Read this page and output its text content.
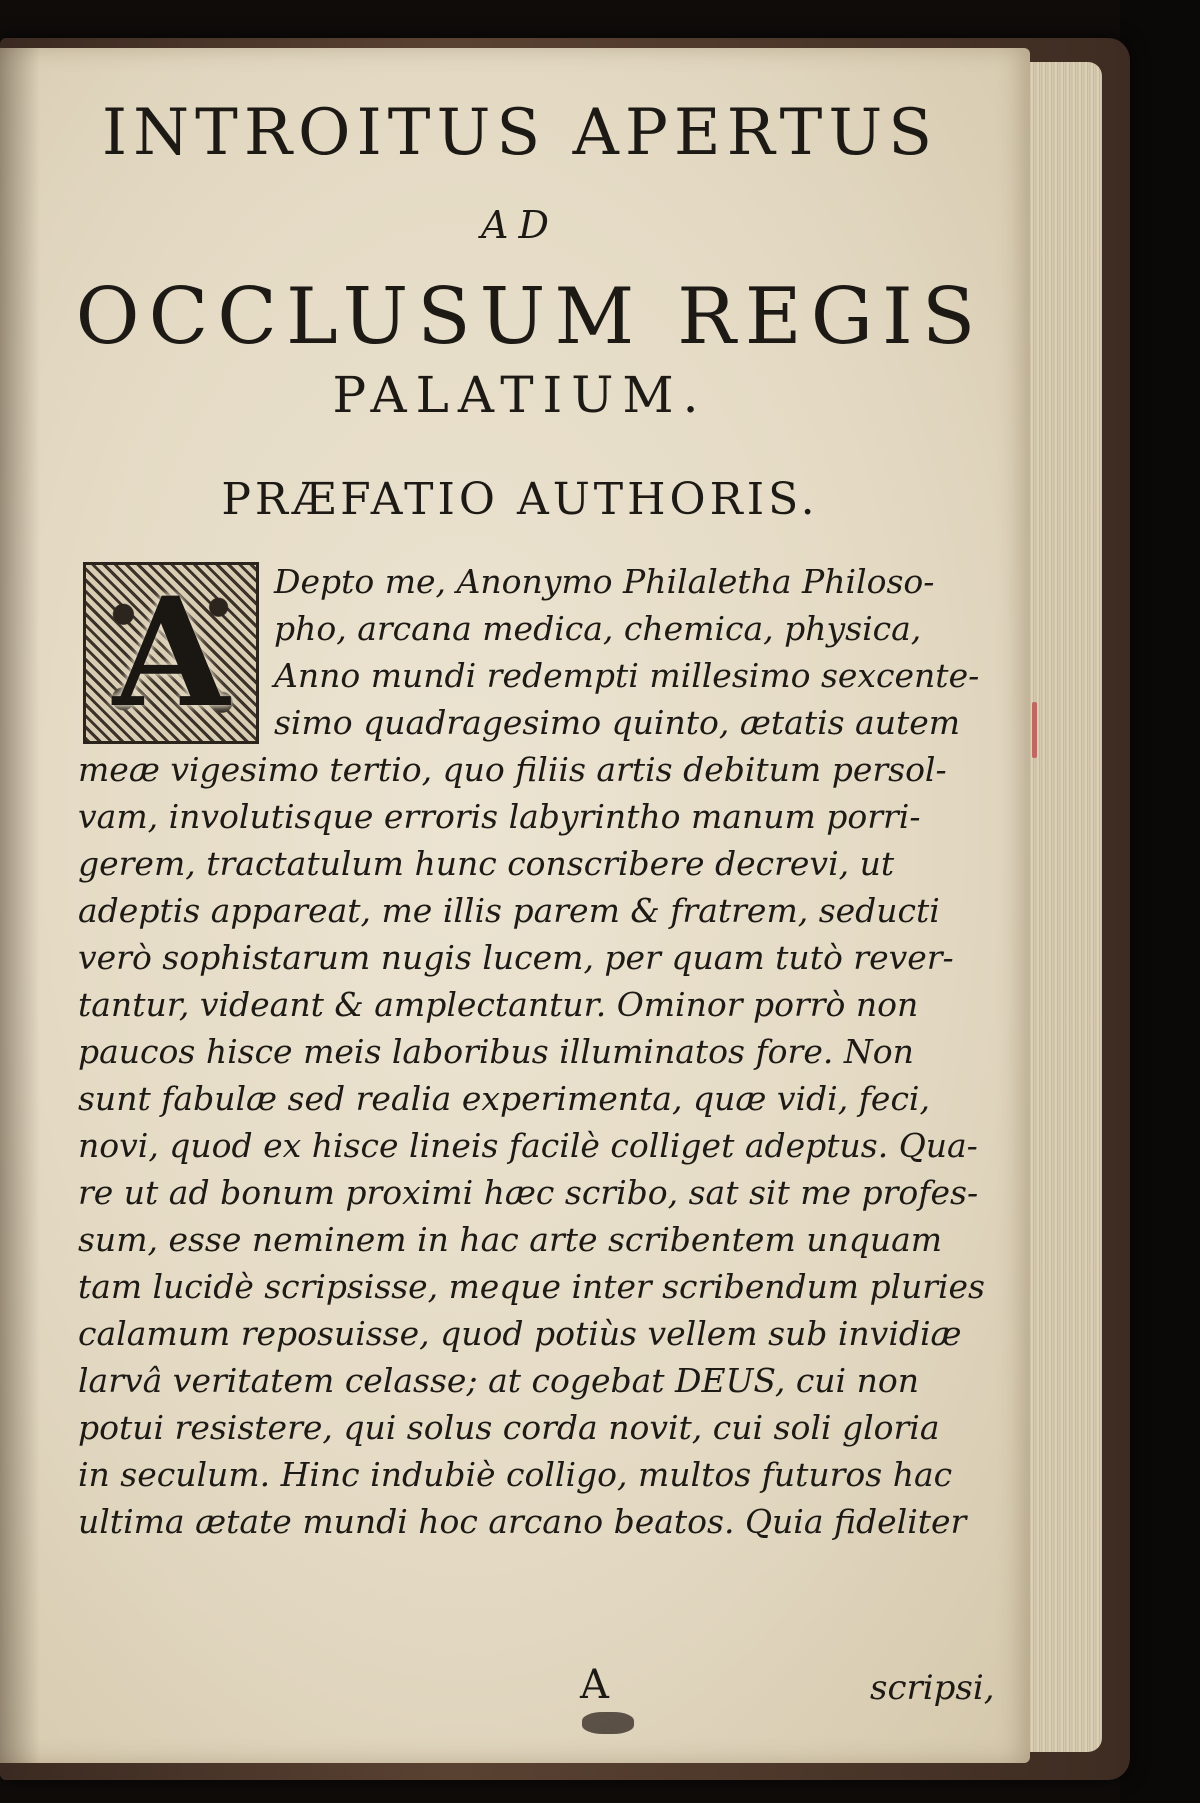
INTROITUS APERTUS
AD
OCCLUSUM REGIS
PALATIUM.
PRÆFATIO AUTHORIS.
A	Depto me, Anonymo Philaletha Philoso-
pho, arcana medica, chemica, physica,
Anno mundi redempti millesimo sexcente-
simo quadragesimo quinto, ætatis autem
meæ vigesimo tertio, quo filiis artis debitum persol-
vam, involutisque erroris labyrintho manum porri-
gerem, tractatulum hunc conscribere decrevi, ut
adeptis appareat, me illis parem & fratrem, seducti
verò sophistarum nugis lucem, per quam tutò rever-
tantur, videant & amplectantur. Ominor porrò non
paucos hisce meis laboribus illuminatos fore. Non
sunt fabulæ sed realia experimenta, quæ vidi, feci,
novi, quod ex hisce lineis facilè colliget adeptus. Qua-
re ut ad bonum proximi hæc scribo, sat sit me profes-
sum, esse neminem in hac arte scribentem unquam
tam lucidè scripsisse, meque inter scribendum pluries
calamum reposuisse, quod potiùs vellem sub invidiæ
larvâ veritatem celasse; at cogebat DEUS, cui non
potui resistere, qui solus corda novit, cui soli gloria
in seculum. Hinc indubiè colligo, multos futuros hac
ultima ætate mundi hoc arcano beatos. Quia fideliter
A	scripsi,
